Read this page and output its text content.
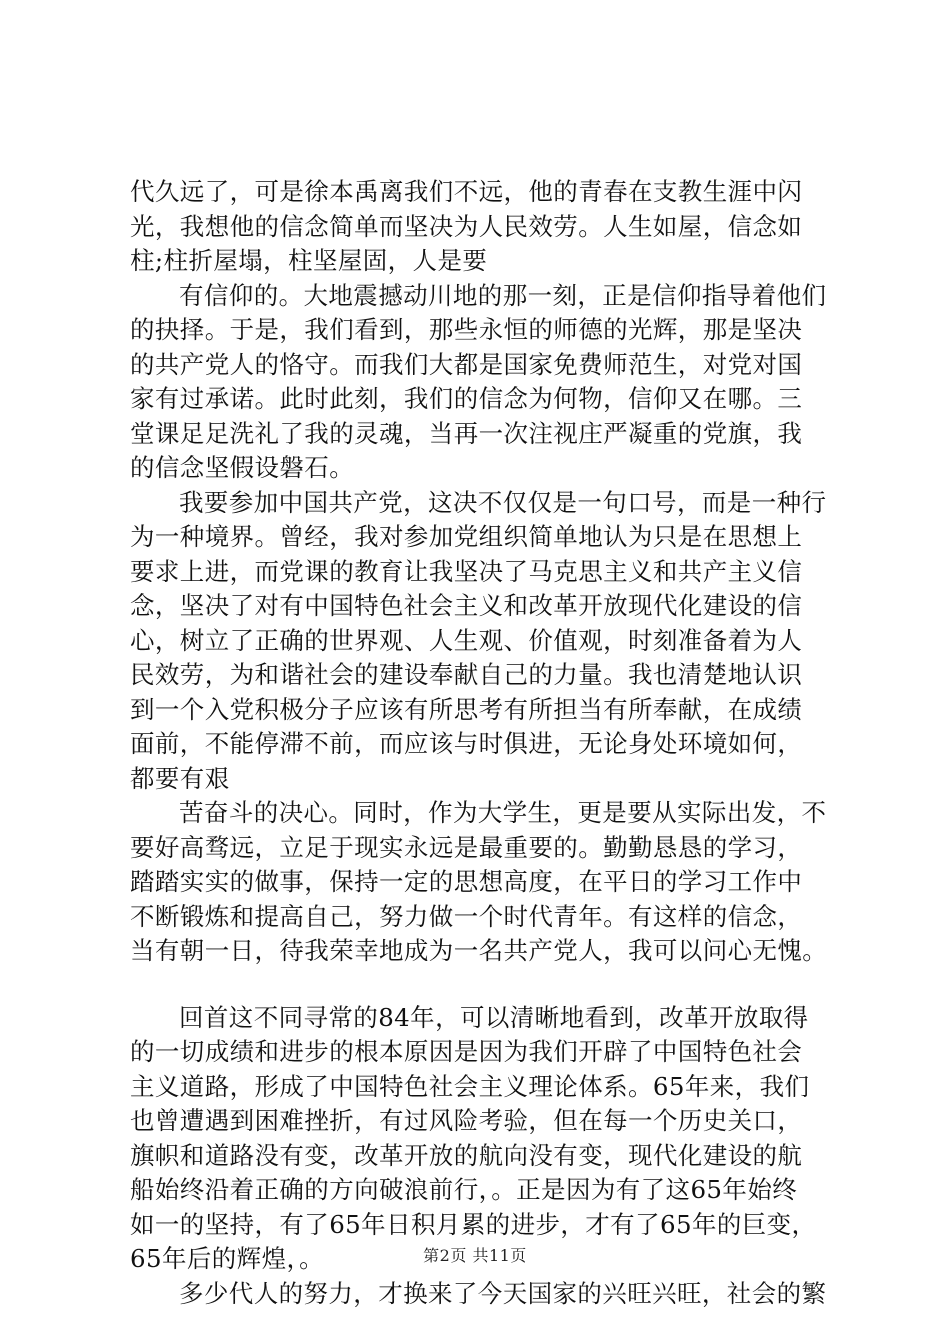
代久远了，可是徐本禹离我们不远，他的青春在支教生涯中闪
光，我想他的信念简单而坚决为人民效劳。人生如屋，信念如
柱;柱折屋塌，柱坚屋固，人是要
有信仰的。大地震撼动川地的那一刻，正是信仰指导着他们
的抉择。于是，我们看到，那些永恒的师德的光辉，那是坚决
的共产党人的恪守。而我们大都是国家免费师范生，对党对国
家有过承诺。此时此刻，我们的信念为何物，信仰又在哪。三
堂课足足洗礼了我的灵魂，当再一次注视庄严凝重的党旗，我
的信念坚假设磐石。
我要参加中国共产党，这决不仅仅是一句口号，而是一种行
为一种境界。曾经，我对参加党组织简单地认为只是在思想上
要求上进，而党课的教育让我坚决了马克思主义和共产主义信
念，坚决了对有中国特色社会主义和改革开放现代化建设的信
心，树立了正确的世界观、人生观、价值观，时刻准备着为人
民效劳，为和谐社会的建设奉献自己的力量。我也清楚地认识
到一个入党积极分子应该有所思考有所担当有所奉献，在成绩
面前，不能停滞不前，而应该与时俱进，无论身处环境如何，
都要有艰
苦奋斗的决心。同时，作为大学生，更是要从实际出发，不
要好高骛远，立足于现实永远是最重要的。勤勤恳恳的学习，
踏踏实实的做事，保持一定的思想高度，在平日的学习工作中
不断锻炼和提高自己，努力做一个时代青年。有这样的信念，
当有朝一日，待我荣幸地成为一名共产党人，我可以问心无愧。
回首这不同寻常的84年，可以清晰地看到，改革开放取得
的一切成绩和进步的根本原因是因为我们开辟了中国特色社会
主义道路，形成了中国特色社会主义理论体系。65年来，我们
也曾遭遇到困难挫折，有过风险考验，但在每一个历史关口，
旗帜和道路没有变，改革开放的航向没有变，现代化建设的航
船始终沿着正确的方向破浪前行，。正是因为有了这65年始终
如一的坚持，有了65年日积月累的进步，才有了65年的巨变，
65年后的辉煌，。
多少代人的努力，才换来了今天国家的兴旺兴旺，社会的繁
第2页 共11页
